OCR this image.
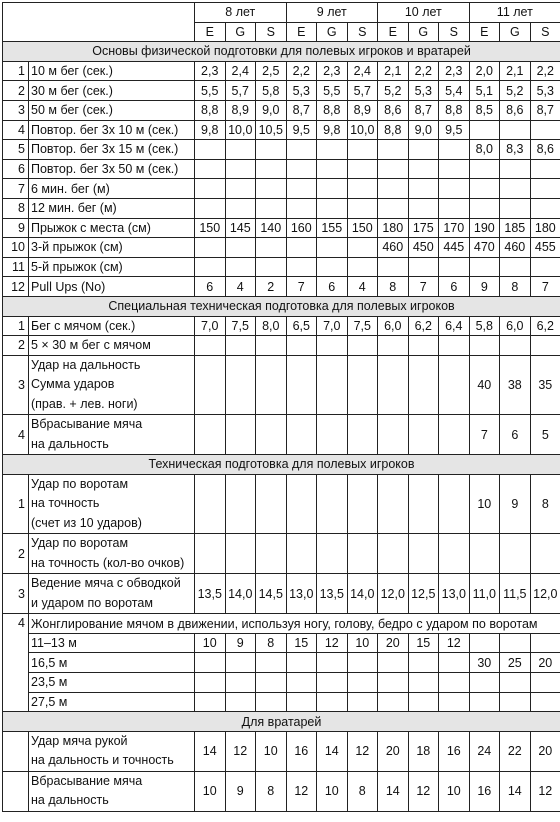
		8 лет			9 лет			10 лет			11 лет		
		E	G	S	E	G	S	E	G	S	E	G	S
Основы физической подготовки для полевых игроков и вратарей													
1	10 м бег (сек.)	2,3	2,4	2,5	2,2	2,3	2,4	2,1	2,2	2,3	2,0	2,1	2,2
2	30 м бег (сек.)	5,5	5,7	5,8	5,3	5,5	5,7	5,2	5,3	5,4	5,1	5,2	5,3
3	50 м бег (сек.)	8,8	8,9	9,0	8,7	8,8	8,9	8,6	8,7	8,8	8,5	8,6	8,7
4	Повтор. бег 3x 10 м (сек.)	9,8	10,0	10,5	9,5	9,8	10,0	8,8	9,0	9,5			
5	Повтор. бег 3x 15 м (сек.)										8,0	8,3	8,6
6	Повтор. бег 3x 50 м (сек.)												

7	6 мин. бег (м)												

8	12 мин. бег (м)												

9	Прыжок с места (см)	150	145	140	160	155	150	180	175	170	190	185	180
10	3-й прыжок (см)							460	450	445	470	460	455
11	5-й прыжок (см)												

12	Pull Ups (No)	6	4	2	7	6	4	8	7	6	9	8	7
Специальная техническая подготовка для полевых игроков													
1	Бег с мячом (сек.)	7,0	7,5	8,0	6,5	7,0	7,5	6,0	6,2	6,4	5,8	6,0	6,2
2	5 × 30 м бег с мячом												

3	Удар на дальность
Сумма ударов
(прав. + лев. ноги)										40	38	35
4	Вбрасывание мяча
на дальность										7	6	5
Техническая подготовка для полевых игроков													
1	Удар по воротам
на точность
(счет из 10 ударов)										10	9	8
2	Удар по воротам
на точность (кол-во очков)												

3	Ведение мяча с обводкой
и ударом по воротам	13,5	14,0	14,5	13,0	13,5	14,0	12,0	12,5	13,0	11,0	11,5	12,0
4	Жонглирование мячом в движении, используя ногу, голову, бедро с ударом по воротам												
	11–13 м	10	9	8	15	12	10	20	15	12			
	16,5 м										30	25	20
	23,5 м												
	27,5 м												
Для вратарей													

	Удар мяча рукой
на дальность и точность	14	12	10	16	14	12	20	18	16	24	22	20

	Вбрасывание мяча
на дальность	10	9	8	12	10	8	14	12	10	16	14	12
